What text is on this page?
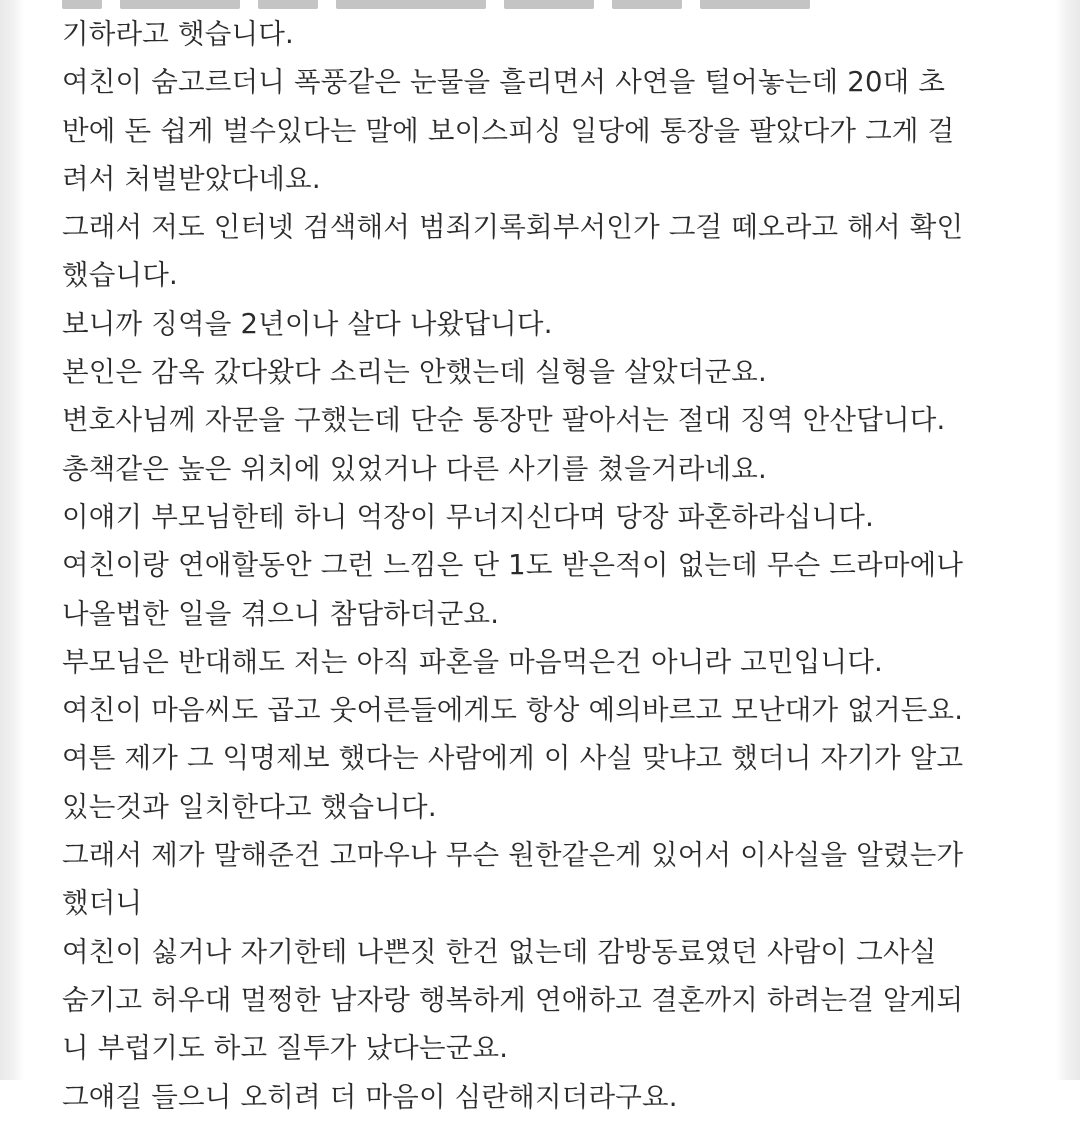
기하라고 햇습니다.
여친이 숨고르더니 폭풍같은 눈물을 흘리면서 사연을 털어놓는데 20대 초
반에 돈 쉽게 벌수있다는 말에 보이스피싱 일당에 통장을 팔았다가 그게 걸
려서 처벌받았다네요.
그래서 저도 인터넷 검색해서 범죄기록회부서인가 그걸 떼오라고 해서 확인
했습니다.
보니까 징역을 2년이나 살다 나왔답니다.
본인은 감옥 갔다왔다 소리는 안했는데 실형을 살았더군요.
변호사님께 자문을 구했는데 단순 통장만 팔아서는 절대 징역 안산답니다.
총책같은 높은 위치에 있었거나 다른 사기를 쳤을거라네요.
이얘기 부모님한테 하니 억장이 무너지신다며 당장 파혼하라십니다.
여친이랑 연애할동안 그런 느낌은 단 1도 받은적이 없는데 무슨 드라마에나
나올법한 일을 겪으니 참담하더군요.
부모님은 반대해도 저는 아직 파혼을 마음먹은건 아니라 고민입니다.
여친이 마음씨도 곱고 웃어른들에게도 항상 예의바르고 모난대가 없거든요.
여튼 제가 그 익명제보 했다는 사람에게 이 사실 맞냐고 했더니 자기가 알고
있는것과 일치한다고 했습니다.
그래서 제가 말해준건 고마우나 무슨 원한같은게 있어서 이사실을 알렸는가
했더니
여친이 싫거나 자기한테 나쁜짓 한건 없는데 감방동료였던 사람이 그사실
숨기고 허우대 멀쩡한 남자랑 행복하게 연애하고 결혼까지 하려는걸 알게되
니 부럽기도 하고 질투가 났다는군요.
그얘길 들으니 오히려 더 마음이 심란해지더라구요.
